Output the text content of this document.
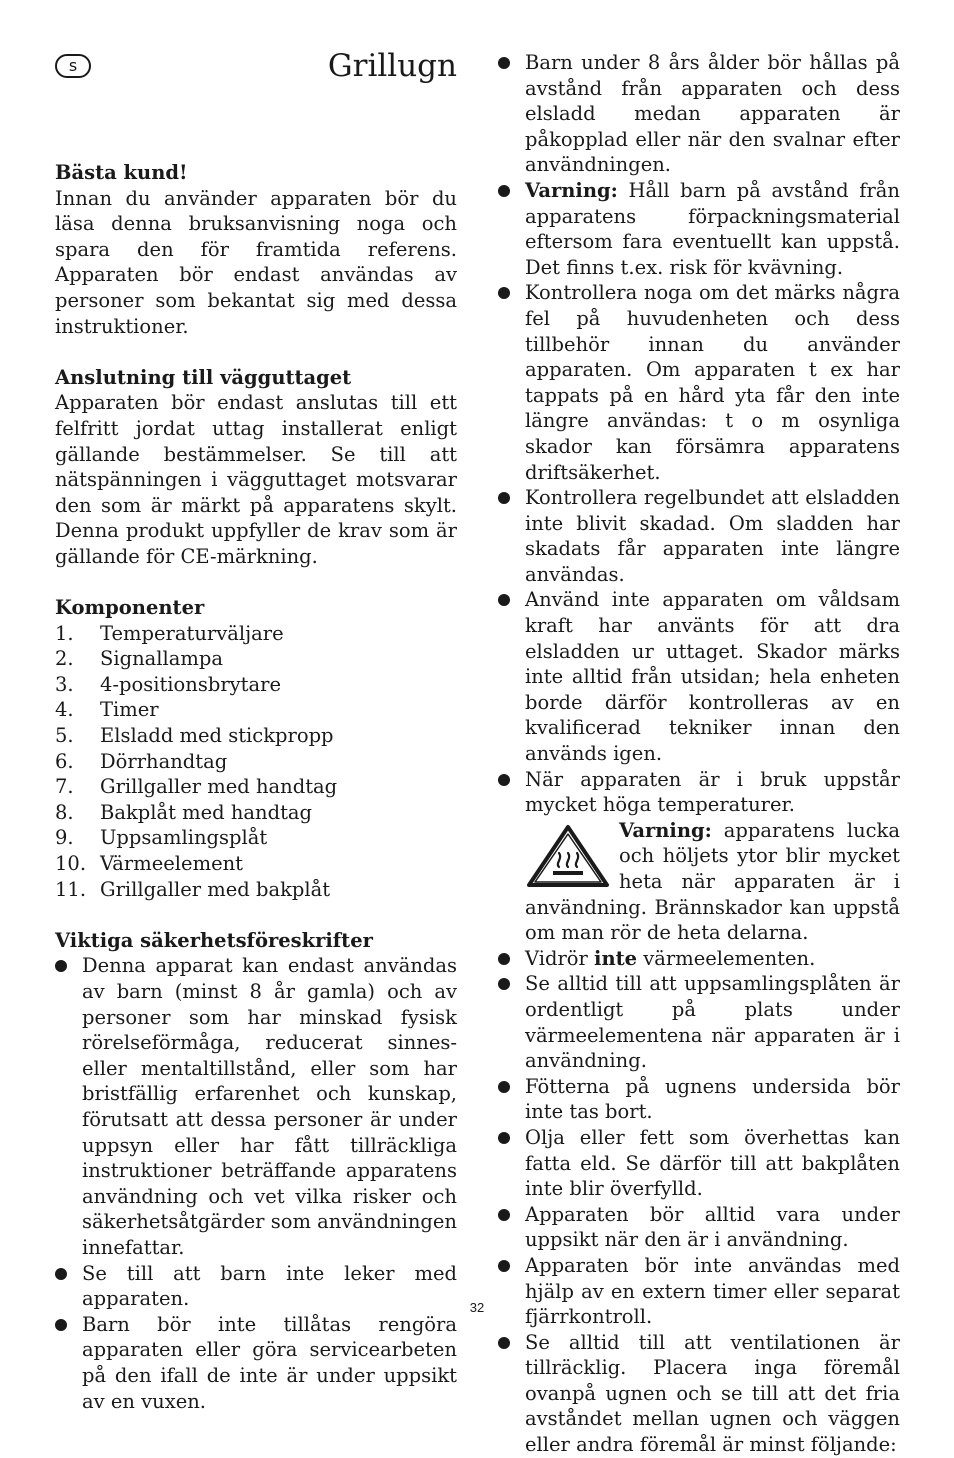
s	Grillugn
Bästa kund!
Innan du använder apparaten bör du läsa denna bruksanvisning noga och spara den för framtida referens. Apparaten bör endast användas av personer som bekantat sig med dessa instruktioner.
Anslutning till vägguttaget
Apparaten bör endast anslutas till ett felfritt jordat uttag installerat enligt gällande bestämmelser. Se till att nätspänningen i vägguttaget motsvarar den som är märkt på apparatens skylt. Denna produkt uppfyller de krav som är gällande för CE-märkning.
Komponenter
1.	Temperaturväljare
2.	Signallampa
3.	4-positionsbrytare
4.	Timer
5.	Elsladd med stickpropp
6.	Dörrhandtag
7.	Grillgaller med handtag
8.	Bakplåt med handtag
9.	Uppsamlingsplåt
10. Värmeelement
11. Grillgaller med bakplåt
Viktiga säkerhetsföreskrifter
Denna apparat kan endast användas av barn (minst 8 år gamla) och av personer som har minskad fysisk rörelseförmåga, reducerat sinnes- eller mentaltillstånd, eller som har bristfällig erfarenhet och kunskap, förutsatt att dessa personer är under uppsyn eller har fått tillräckliga instruktioner beträffande apparatens användning och vet vilka risker och säkerhetsåtgärder som användningen innefattar.
Se till att barn inte leker med apparaten.
Barn bör inte tillåtas rengöra apparaten eller göra servicearbeten på den ifall de inte är under uppsikt av en vuxen.
Barn under 8 års ålder bör hållas på avstånd från apparaten och dess elsladd medan apparaten är påkopplad eller när den svalnar efter användningen.
Varning: Håll barn på avstånd från apparatens förpackningsmaterial eftersom fara eventuellt kan uppstå. Det finns t.ex. risk för kvävning.
Kontrollera noga om det märks några fel på huvudenheten och dess tillbehör innan du använder apparaten. Om apparaten t ex har tappats på en hård yta får den inte längre användas: t o m osynliga skador kan försämra apparatens driftsäkerhet.
Kontrollera regelbundet att elsladden inte blivit skadad. Om sladden har skadats får apparaten inte längre användas.
Använd inte apparaten om våldsam kraft har använts för att dra elsladden ur uttaget. Skador märks inte alltid från utsidan; hela enheten borde därför kontrolleras av en kvalificerad tekniker innan den används igen.
När apparaten är i bruk uppstår mycket höga temperaturer.
Varning: apparatens lucka och höljets ytor blir mycket heta när apparaten är i användning. Brännskador kan uppstå om man rör de heta delarna.
Vidrör inte värmeelementen.
Se alltid till att uppsamlingsplåten är ordentligt på plats under värmeelementena när apparaten är i användning.
Fötterna på ugnens undersida bör inte tas bort.
Olja eller fett som överhettas kan fatta eld. Se därför till att bakplåten inte blir överfylld.
Apparaten bör alltid vara under uppsikt när den är i användning.
Apparaten bör inte användas med hjälp av en extern timer eller separat fjärrkontroll.
Se alltid till att ventilationen är tillräcklig. Placera inga föremål ovanpå ugnen och se till att det fria avståndet mellan ugnen och väggen eller andra föremål är minst följande:
32
